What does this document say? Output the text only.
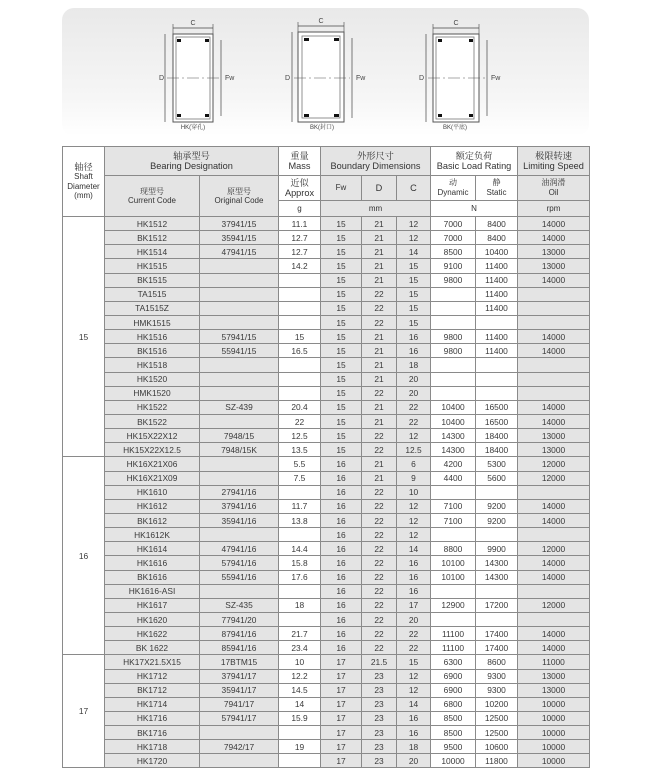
C
D	Fw
HK(穿孔)
C
D	Fw
BK(封口)
C
D	Fw
BK(平底)
轴径
Shaft
Diameter
(mm)	轴承型号
Bearing Designation		重量
Mass	外形尺寸
Boundary Dimensions			额定负荷
Basic Load Rating		极限转速
Limiting Speed

	现型号
Current Code	原型号
Original Code	近似
Approx	Fw	D	C	动
Dynamic	静
Static	油润滑
Oil

			g	mm			N		rpm
15	HK1512	37941/15	11.1	15	21	12	7000	8400	14000
	BK1512	35941/15	12.7	15	21	12	7000	8400	14000
	HK1514	47941/15	12.7	15	21	14	8500	10400	13000
	HK1515		14.2	15	21	15	9100	11400	13000
	BK1515			15	21	15	9800	11400	14000
	TA1515			15	22	15		11400	
	TA1515Z			15	22	15		11400	
	HMK1515			15	22	15			
	HK1516	57941/15	15	15	21	16	9800	11400	14000
	BK1516	55941/15	16.5	15	21	16	9800	11400	14000
	HK1518			15	21	18			
	HK1520			15	21	20			
	HMK1520			15	22	20			
	HK1522	SZ-439	20.4	15	21	22	10400	16500	14000
	BK1522		22	15	21	22	10400	16500	14000
	HK15X22X12	7948/15	12.5	15	22	12	14300	18400	13000
	HK15X22X12.5	7948/15K	13.5	15	22	12.5	14300	18400	13000
16	HK16X21X06		5.5	16	21	6	4200	5300	12000
	HK16X21X09		7.5	16	21	9	4400	5600	12000
	HK1610	27941/16		16	22	10			
	HK1612	37941/16	11.7	16	22	12	7100	9200	14000
	BK1612	35941/16	13.8	16	22	12	7100	9200	14000
	HK1612K			16	22	12			
	HK1614	47941/16	14.4	16	22	14	8800	9900	12000
	HK1616	57941/16	15.8	16	22	16	10100	14300	14000
	BK1616	55941/16	17.6	16	22	16	10100	14300	14000
	HK1616-ASI			16	22	16			
	HK1617	SZ-435	18	16	22	17	12900	17200	12000
	HK1620	77941/20		16	22	20			
	HK1622	87941/16	21.7	16	22	22	11100	17400	14000
	BK 1622	85941/16	23.4	16	22	22	11100	17400	14000
17	HK17X21.5X15	17BTM15	10	17	21.5	15	6300	8600	11000
	HK1712	37941/17	12.2	17	23	12	6900	9300	13000
	BK1712	35941/17	14.5	17	23	12	6900	9300	13000
	HK1714	7941/17	14	17	23	14	6800	10200	10000
	HK1716	57941/17	15.9	17	23	16	8500	12500	10000
	BK1716			17	23	16	8500	12500	10000
	HK1718	7942/17	19	17	23	18	9500	10600	10000
	HK1720			17	23	20	10000	11800	10000
